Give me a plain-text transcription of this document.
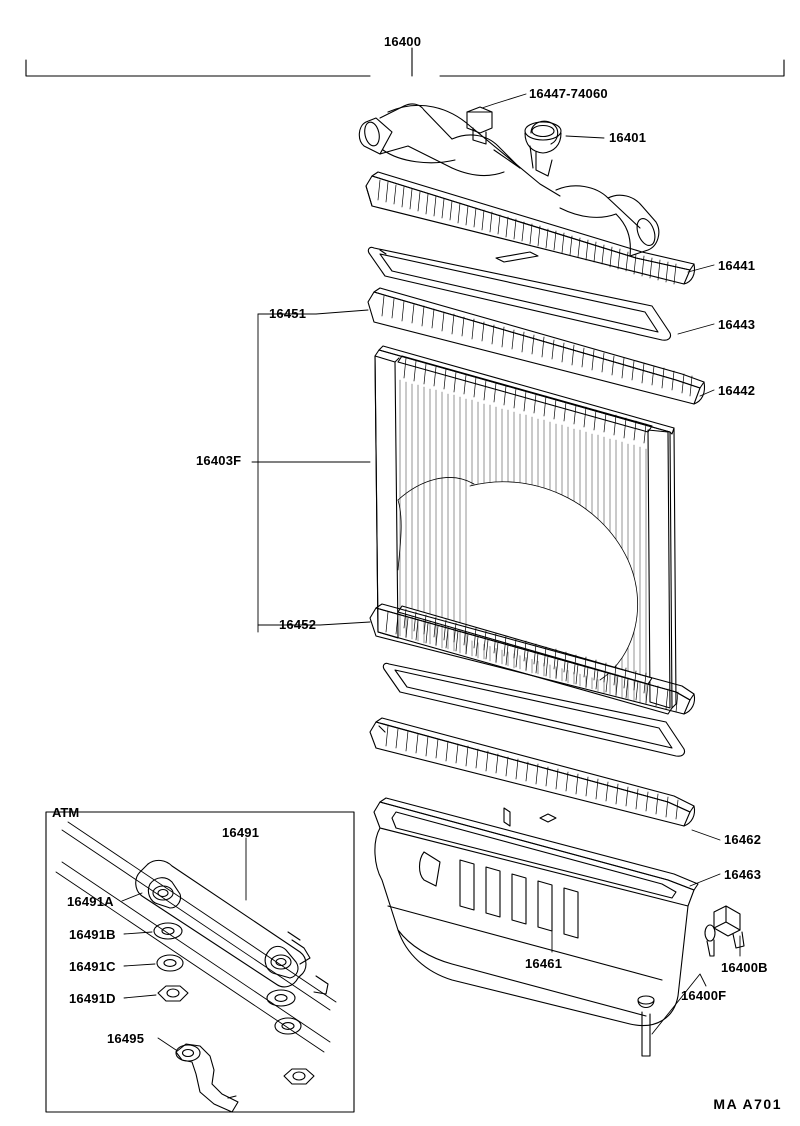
16400
16447-74060
16401
16441
16443
16442
16451
16403F
16452
16462
16463
16461	16400B
16400F
16491
16491A
16491B
16491C
16491D
16495
ATM
MA A701
